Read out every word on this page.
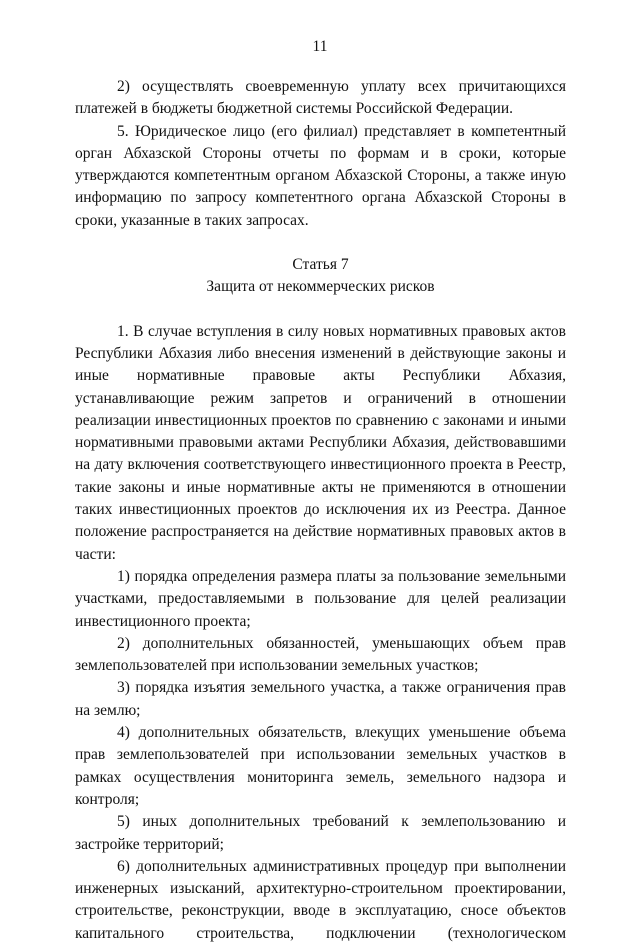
11

2) осуществлять своевременную уплату всех причитающихся платежей в бюджеты бюджетной системы Российской Федерации.

5. Юридическое лицо (его филиал) представляет в компетентный орган Абхазской Стороны отчеты по формам и в сроки, которые утверждаются компетентным органом Абхазской Стороны, а также иную информацию по запросу компетентного органа Абхазской Стороны в сроки, указанные в таких запросах.

Статья 7

Защита от некоммерческих рисков

1. В случае вступления в силу новых нормативных правовых актов Республики Абхазия либо внесения изменений в действующие законы и иные нормативные правовые акты Республики Абхазия, устанавливающие режим запретов и ограничений в отношении реализации инвестиционных проектов по сравнению с законами и иными нормативными правовыми актами Республики Абхазия, действовавшими на дату включения соответствующего инвестиционного проекта в Реестр, такие законы и иные нормативные акты не применяются в отношении таких инвестиционных проектов до исключения их из Реестра. Данное положение распространяется на действие нормативных правовых актов в части:

1) порядка определения размера платы за пользование земельными участками, предоставляемыми в пользование для целей реализации инвестиционного проекта;

2) дополнительных обязанностей, уменьшающих объем прав землепользователей при использовании земельных участков;

3) порядка изъятия земельного участка, а также ограничения прав на землю;

4) дополнительных обязательств, влекущих уменьшение объема прав землепользователей при использовании земельных участков в рамках осуществления мониторинга земель, земельного надзора и контроля;

5) иных дополнительных требований к землепользованию и застройке территорий;

6) дополнительных административных процедур при выполнении инженерных изысканий, архитектурно-строительном проектировании, строительстве, реконструкции, вводе в эксплуатацию, сносе объектов капитального строительства, подключении (технологическом
